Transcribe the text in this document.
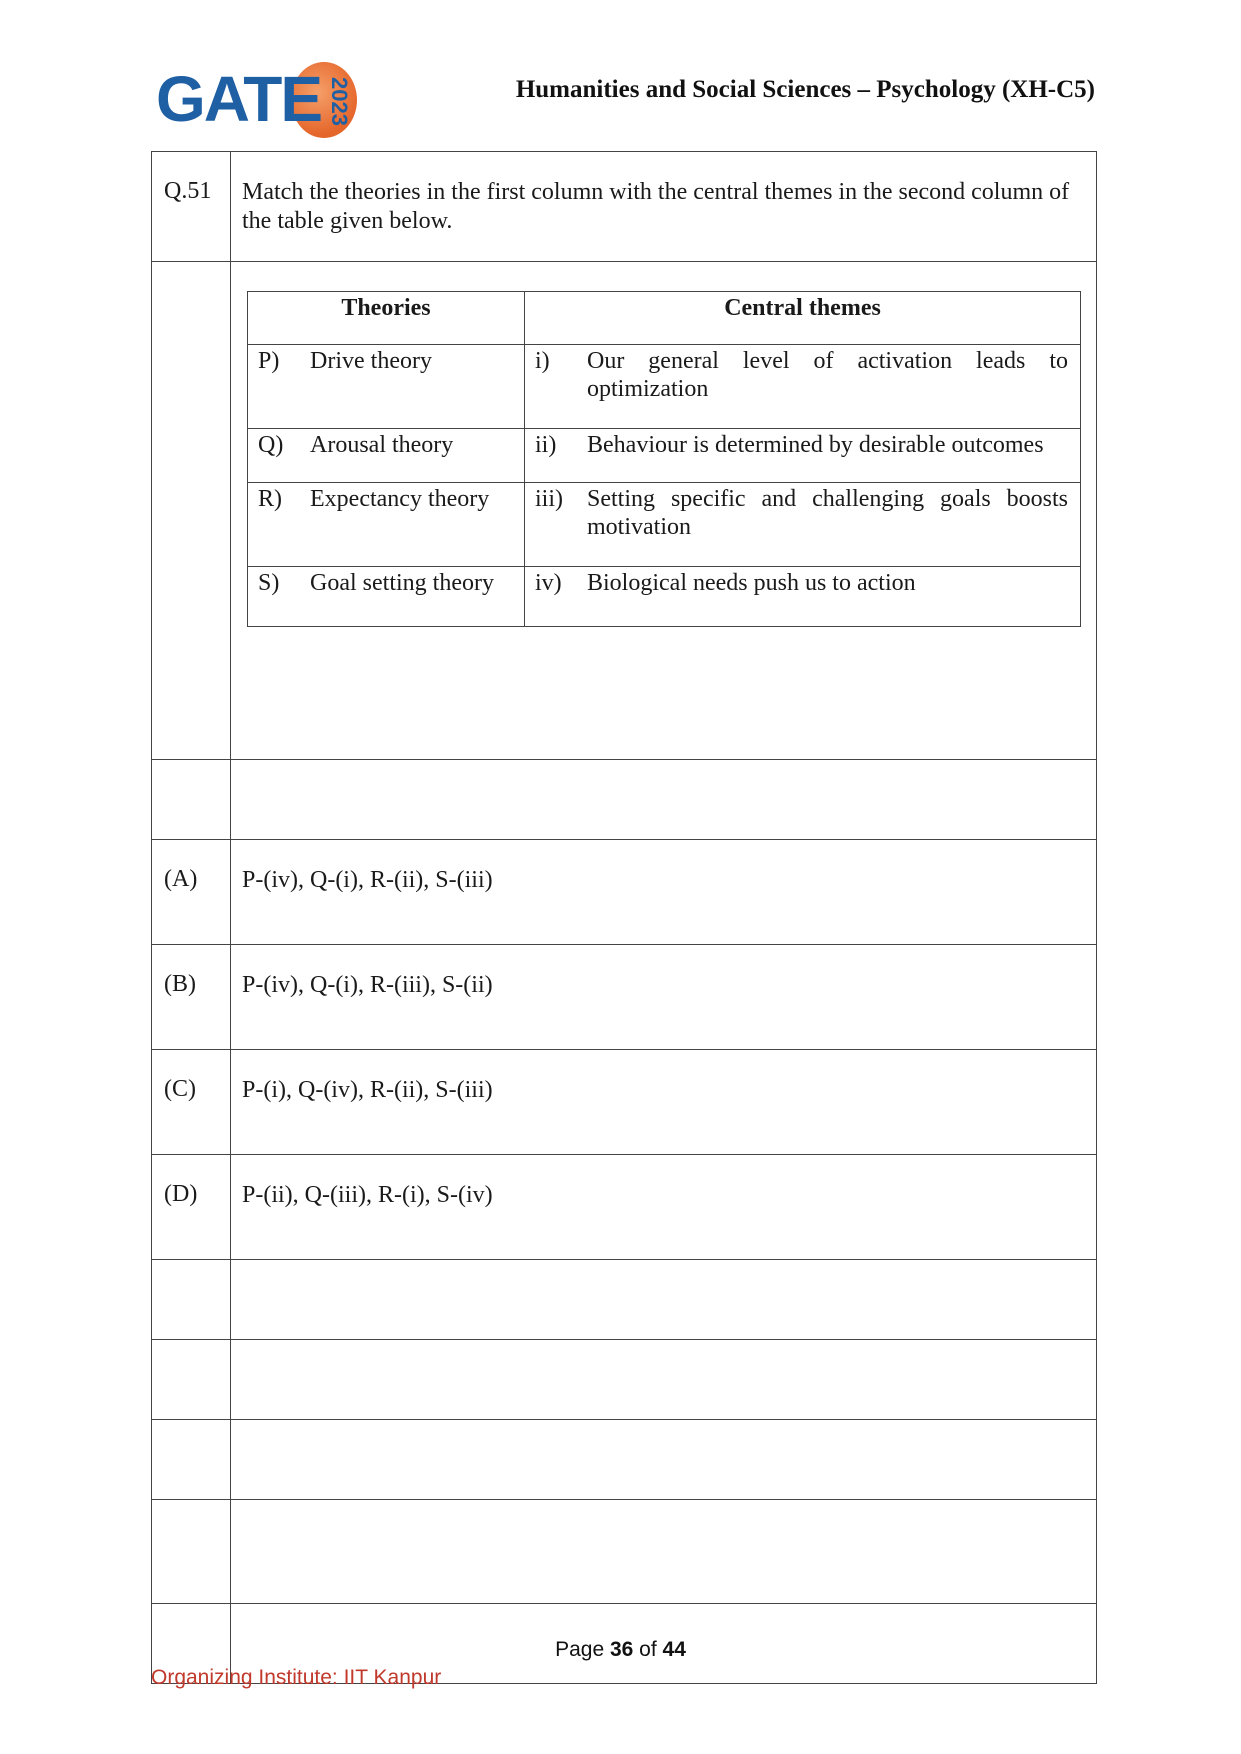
GATE 2023	Humanities and Social Sciences – Psychology (XH-C5)
Q.51	Match the theories in the first column with the central themes in the second column of the table given below.

Theories	Central themes
P) Drive theory	i)	Our general level of activation leads to optimization

Q) Arousal theory	ii)	Behaviour is determined by desirable outcomes

R) Expectancy theory	iii)	Setting specific and challenging goals boosts motivation

S) Goal setting theory	iv)	Biological needs push us to action

(A)	P-(iv), Q-(i), R-(ii), S-(iii)
(B)	P-(iv), Q-(i), R-(iii), S-(ii)
(C)	P-(i), Q-(iv), R-(ii), S-(iii)
(D)	P-(ii), Q-(iii), R-(i), S-(iv)

Page 36 of 44
Organizing Institute: IIT Kanpur
